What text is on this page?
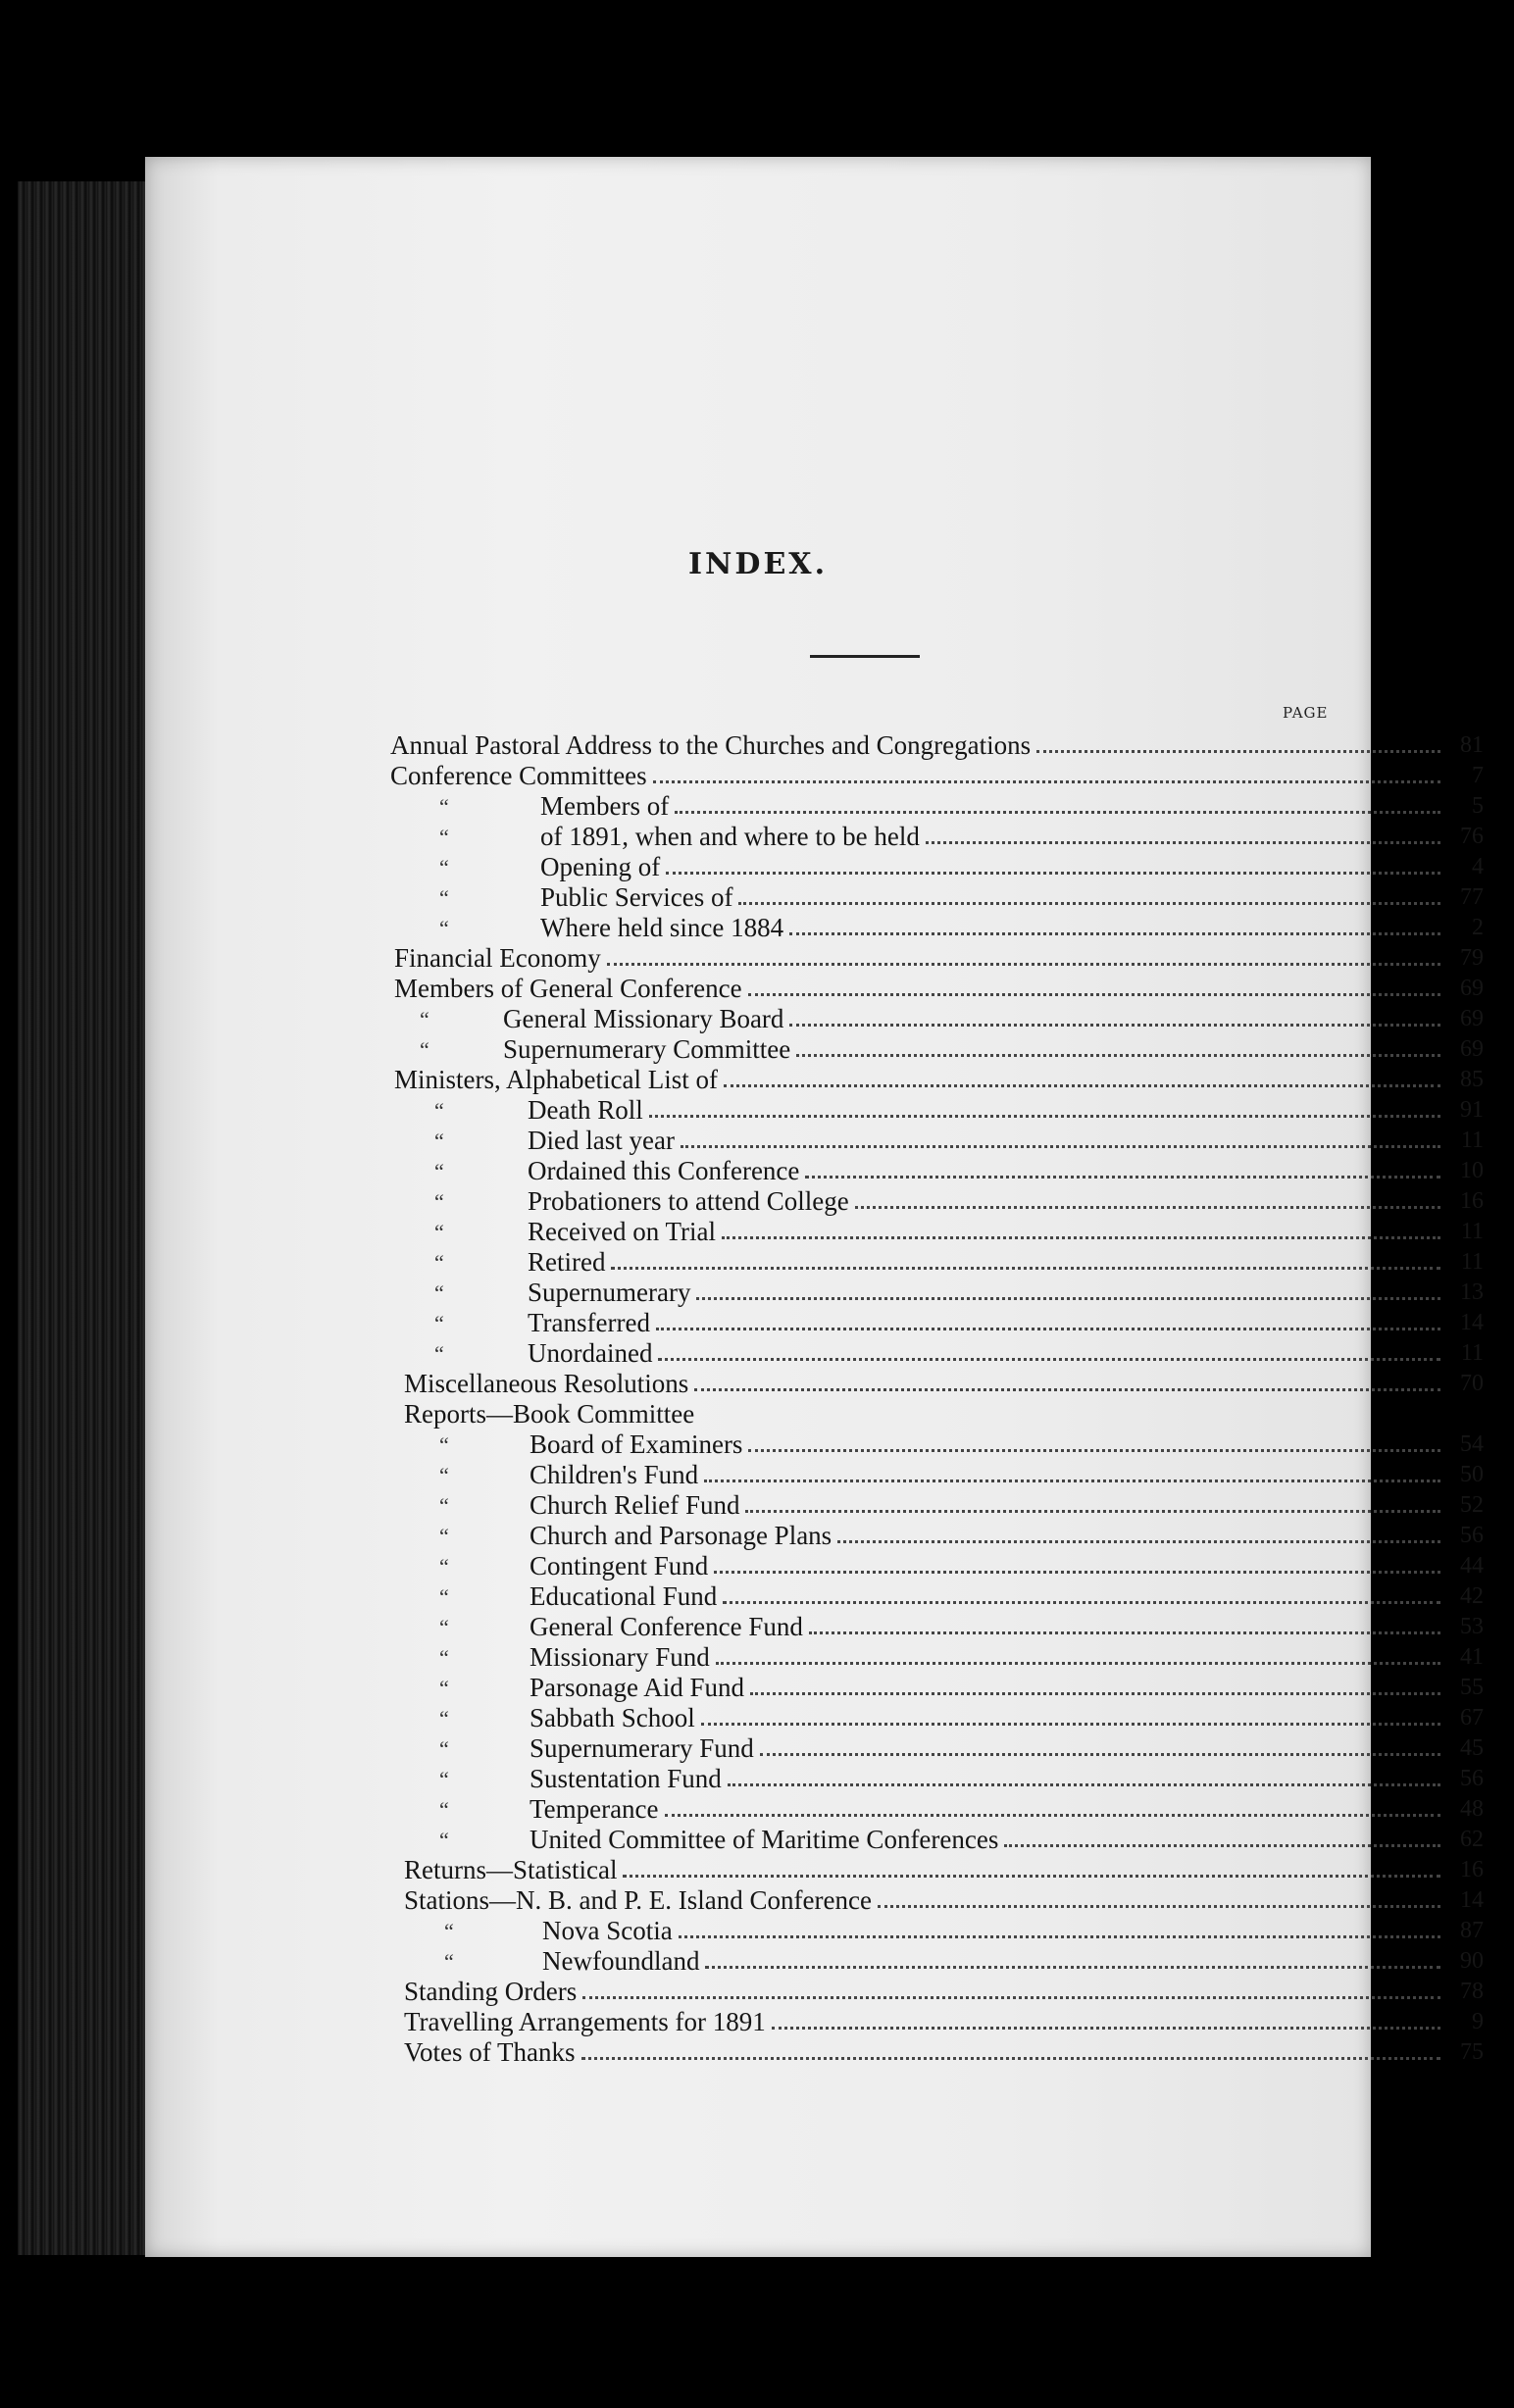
INDEX.
PAGE
Annual Pastoral Address to the Churches and Congregations	81
Conference Committees	7
“	Members of	5
“	of 1891, when and where to be held	76
“	Opening of	4
“	Public Services of	77
“	Where held since 1884	2
Financial Economy	79
Members of General Conference	69
“	General Missionary Board	69
“	Supernumerary Committee	69
Ministers, Alphabetical List of	85
“	Death Roll	91
“	Died last year	11
“	Ordained this Conference	10
“	Probationers to attend College	16
“	Received on Trial	11
“	Retired	11
“	Supernumerary	13
“	Transferred	14
“	Unordained	11
Miscellaneous Resolutions	70
Reports—Book Committee
“	Board of Examiners	54
“	Children's Fund	50
“	Church Relief Fund	52
“	Church and Parsonage Plans	56
“	Contingent Fund	44
“	Educational Fund	42
“	General Conference Fund	53
“	Missionary Fund	41
“	Parsonage Aid Fund	55
“	Sabbath School	67
“	Supernumerary Fund	45
“	Sustentation Fund	56
“	Temperance	48
“	United Committee of Maritime Conferences	62
Returns—Statistical	16
Stations—N. B. and P. E. Island Conference	14
“	Nova Scotia	87
“	Newfoundland	90
Standing Orders	78
Travelling Arrangements for 1891	9
Votes of Thanks	75
